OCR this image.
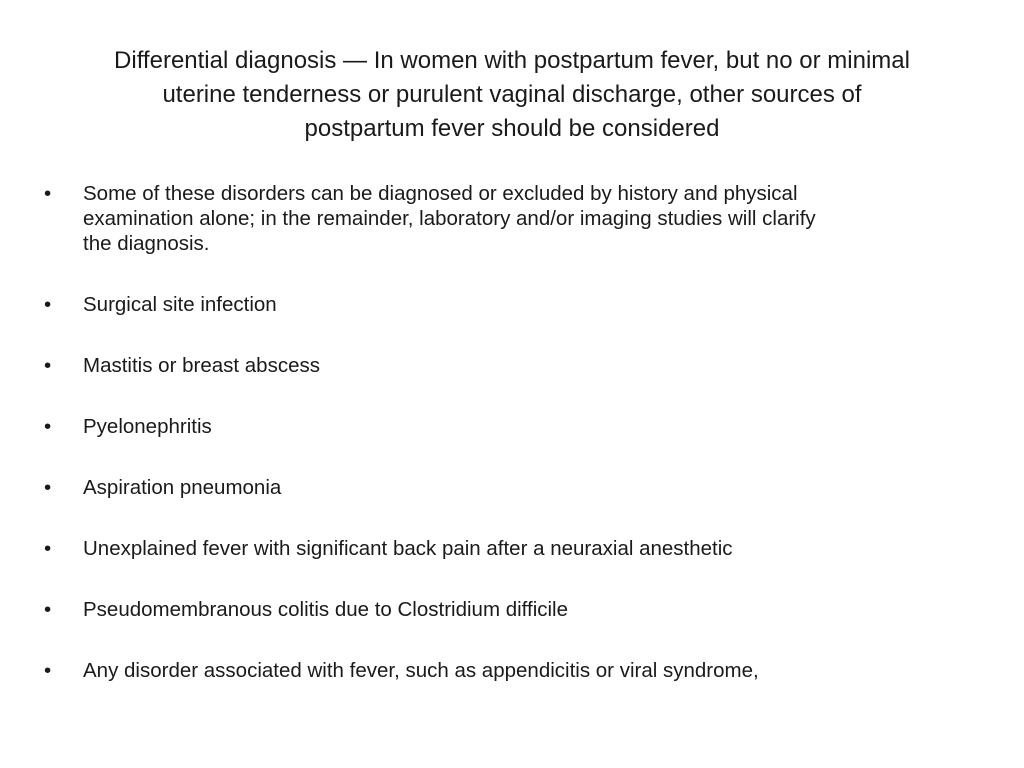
Differential diagnosis — In women with postpartum fever, but no or minimal
uterine tenderness or purulent vaginal discharge, other sources of
postpartum fever should be considered
•	Some of these disorders can be diagnosed or excluded by history and physical
examination alone; in the remainder, laboratory and/or imaging studies will clarify
the diagnosis.
•	Surgical site infection
•	Mastitis or breast abscess
•	Pyelonephritis
•	Aspiration pneumonia
•	Unexplained fever with significant back pain after a neuraxial anesthetic
•	Pseudomembranous colitis due to Clostridium difficile
•	Any disorder associated with fever, such as appendicitis or viral syndrome,
